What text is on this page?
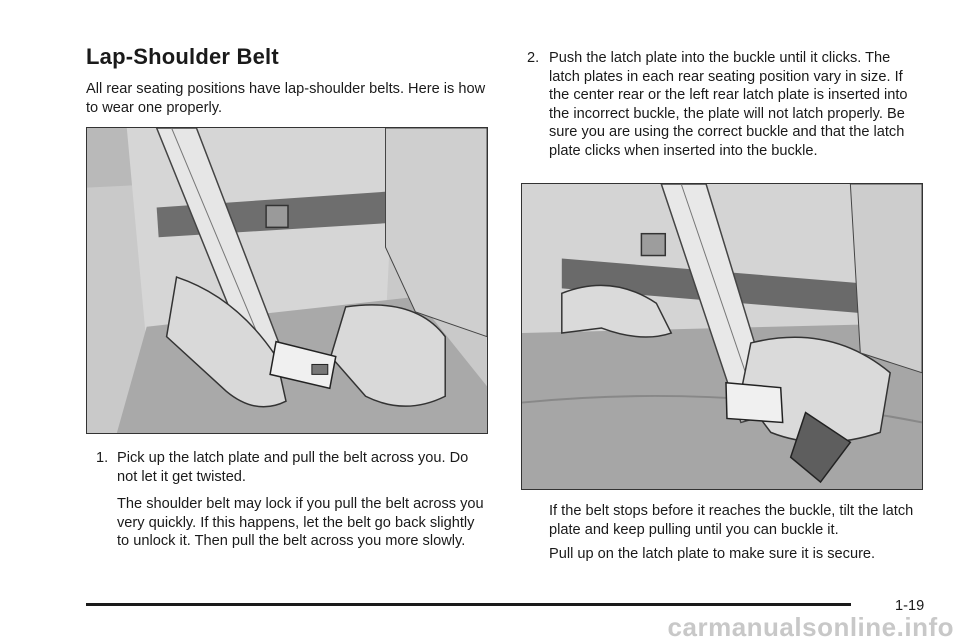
Lap-Shoulder Belt

All rear seating positions have lap-shoulder belts. Here is how to wear one properly.

1. Pick up the latch plate and pull the belt across you. Do not let it get twisted.

The shoulder belt may lock if you pull the belt across you very quickly. If this happens, let the belt go back slightly to unlock it. Then pull the belt across you more slowly.

2. Push the latch plate into the buckle until it clicks. The latch plates in each rear seating position vary in size. If the center rear or the left rear latch plate is inserted into the incorrect buckle, the plate will not latch properly. Be sure you are using the correct buckle and that the latch plate clicks when inserted into the buckle.

If the belt stops before it reaches the buckle, tilt the latch plate and keep pulling until you can buckle it.

Pull up on the latch plate to make sure it is secure.

1-19
carmanualsonline.info
